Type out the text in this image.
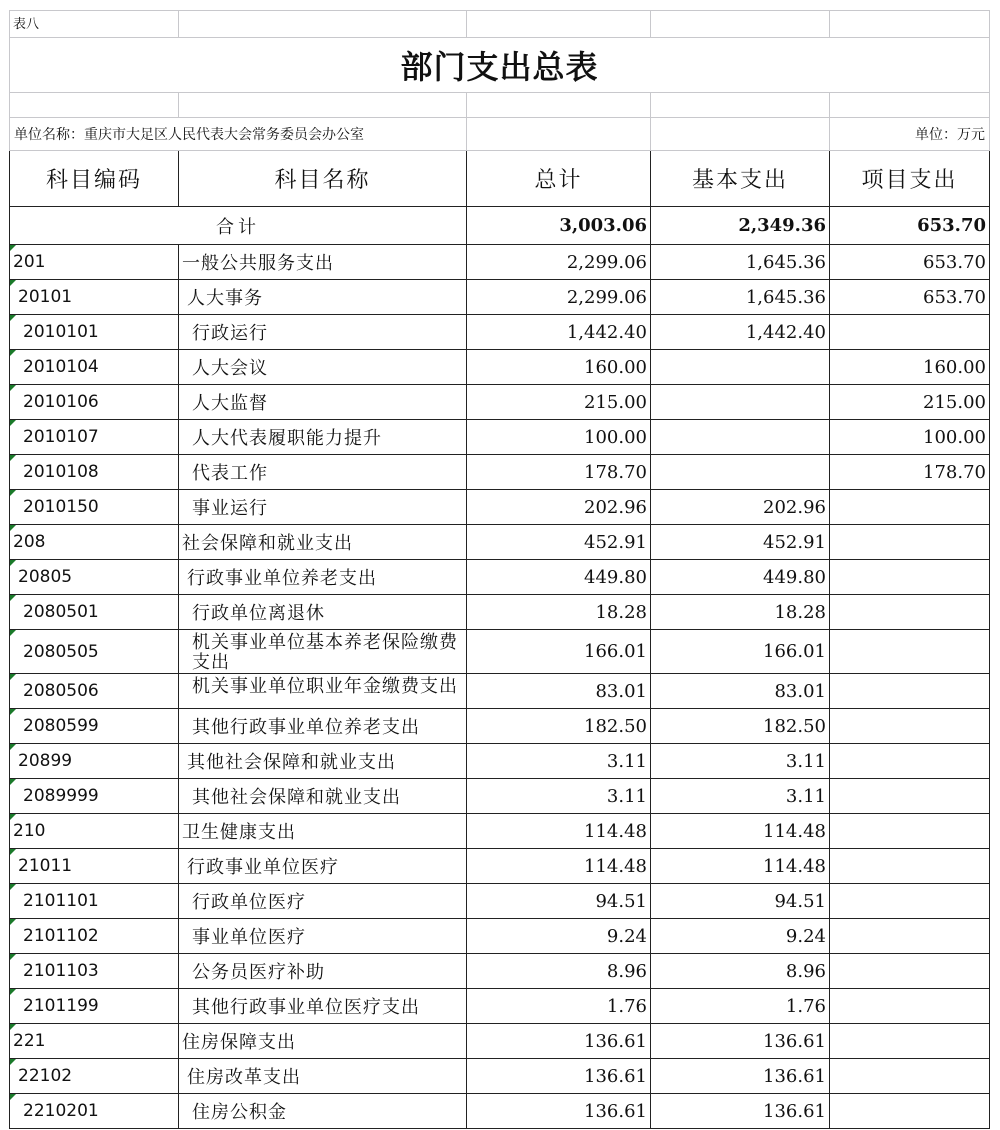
表八				
部门支出总表				

单位名称：重庆市大足区人民代表大会常务委员会办公室				单位：万元
科目编码	科目名称	总计	基本支出	项目支出
合计		3,003.06	2,349.36	653.70
201	一般公共服务支出	2,299.06	1,645.36	653.70
20101	人大事务	2,299.06	1,645.36	653.70
2010101	行政运行	1,442.40	1,442.40	
2010104	人大会议	160.00		160.00
2010106	人大监督	215.00		215.00
2010107	人大代表履职能力提升	100.00		100.00
2010108	代表工作	178.70		178.70
2010150	事业运行	202.96	202.96	
208	社会保障和就业支出	452.91	452.91	
20805	行政事业单位养老支出	449.80	449.80	
2080501	行政单位离退休	18.28	18.28	
2080505	机关事业单位基本养老保险缴费支出	166.01	166.01	
2080506	机关事业单位职业年金缴费支出	83.01	83.01	
2080599	其他行政事业单位养老支出	182.50	182.50	
20899	其他社会保障和就业支出	3.11	3.11	
2089999	其他社会保障和就业支出	3.11	3.11	
210	卫生健康支出	114.48	114.48	
21011	行政事业单位医疗	114.48	114.48	
2101101	行政单位医疗	94.51	94.51	
2101102	事业单位医疗	9.24	9.24	
2101103	公务员医疗补助	8.96	8.96	
2101199	其他行政事业单位医疗支出	1.76	1.76	
221	住房保障支出	136.61	136.61	
22102	住房改革支出	136.61	136.61	
2210201	住房公积金	136.61	136.61	
